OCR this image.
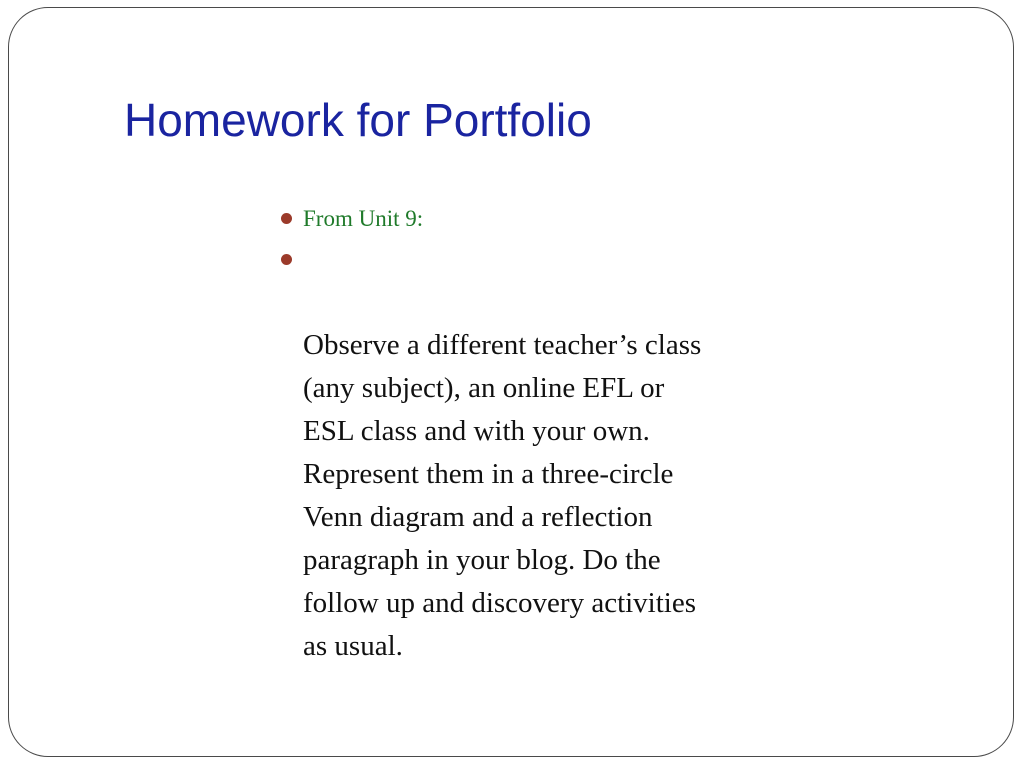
Homework for Portfolio
From Unit 9:

Observe a different teacher’s class
(any subject), an online EFL or
ESL class and with your own.
Represent them in a three-circle
Venn diagram and a reflection
paragraph in your blog. Do the
follow up and discovery activities
as usual.
